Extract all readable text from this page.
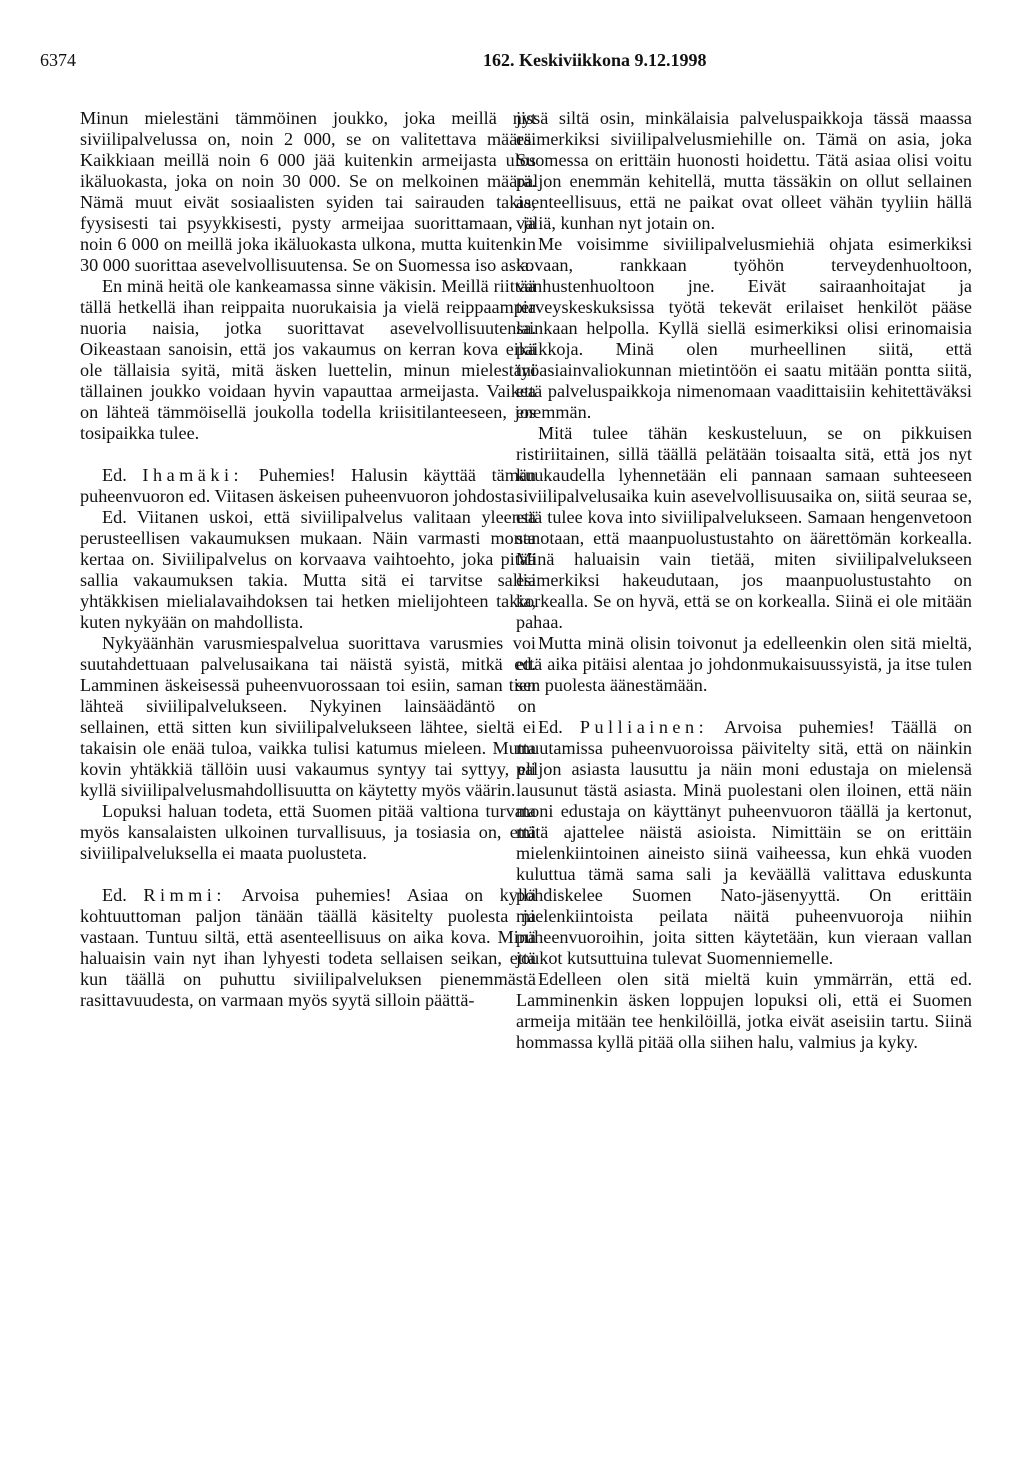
6374	162. Keskiviikkona 9.12.1998

Minun mielestäni tämmöinen joukko, joka meillä nyt siviilipalvelussa on, noin 2 000, se on valitettava määrä. Kaikkiaan meillä noin 6 000 jää kuitenkin armeijasta ulos ikäluokasta, joka on noin 30 000. Se on melkoinen määrä. Nämä muut eivät sosiaalisten syiden tai sairauden takia, fyysisesti tai psyykkisesti, pysty armeijaa suorittamaan, ja noin 6 000 on meillä joka ikäluokasta ulkona, mutta kuitenkin 30 000 suorittaa asevelvollisuutensa. Se on Suomessa iso asia.

En minä heitä ole kankeamassa sinne väkisin. Meillä riittää tällä hetkellä ihan reippaita nuorukaisia ja vielä reippaampia nuoria naisia, jotka suorittavat asevelvollisuutensa. Oikeastaan sanoisin, että jos vakaumus on kerran kova eikä ole tällaisia syitä, mitä äsken luettelin, minun mielestäni tällainen joukko voidaan hyvin vapauttaa armeijasta. Vaikea on lähteä tämmöisellä joukolla todella kriisitilanteeseen, jos tosipaikka tulee.

Ed. Ihamäki: Puhemies! Halusin käyttää tämän puheenvuoron ed. Viitasen äskeisen puheenvuoron johdosta.

Ed. Viitanen uskoi, että siviilipalvelus valitaan yleensä perusteellisen vakaumuksen mukaan. Näin varmasti monta kertaa on. Siviilipalvelus on korvaava vaihtoehto, joka pitää sallia vakaumuksen takia. Mutta sitä ei tarvitse sallia yhtäkkisen mielialavaihdoksen tai hetken mielijohteen takia, kuten nykyään on mahdollista.

Nykyäänhän varusmiespalvelua suorittava varusmies voi suutahdettuaan palvelusaikana tai näistä syistä, mitkä ed. Lamminen äskeisessä puheenvuorossaan toi esiin, saman tien lähteä siviilipalvelukseen. Nykyinen lainsäädäntö on sellainen, että sitten kun siviilipalvelukseen lähtee, sieltä ei takaisin ole enää tuloa, vaikka tulisi katumus mieleen. Mutta kovin yhtäkkiä tällöin uusi vakaumus syntyy tai syttyy, eli kyllä siviilipalvelusmahdollisuutta on käytetty myös väärin.

Lopuksi haluan todeta, että Suomen pitää valtiona turvata myös kansalaisten ulkoinen turvallisuus, ja tosiasia on, että siviilipalveluksella ei maata puolusteta.

Ed. Rimmi: Arvoisa puhemies! Asiaa on kyllä kohtuuttoman paljon tänään täällä käsitelty puolesta ja vastaan. Tuntuu siltä, että asenteellisuus on aika kova. Minä haluaisin vain nyt ihan lyhyesti todeta sellaisen seikan, että kun täällä on puhuttu siviilipalveluksen pienemmästä rasittavuudesta, on varmaan myös syytä silloin päättä-

jissä siltä osin, minkälaisia palveluspaikkoja tässä maassa esimerkiksi siviilipalvelusmiehille on. Tämä on asia, joka Suomessa on erittäin huonosti hoidettu. Tätä asiaa olisi voitu paljon enemmän kehitellä, mutta tässäkin on ollut sellainen asenteellisuus, että ne paikat ovat olleet vähän tyyliin hällä väliä, kunhan nyt jotain on.

Me voisimme siviilipalvelusmiehiä ohjata esimerkiksi kovaan, rankkaan työhön terveydenhuoltoon, vanhustenhuoltoon jne. Eivät sairaanhoitajat ja terveyskeskuksissa työtä tekevät erilaiset henkilöt pääse lainkaan helpolla. Kyllä siellä esimerkiksi olisi erinomaisia paikkoja. Minä olen murheellinen siitä, että työasiainvaliokunnan mietintöön ei saatu mitään pontta siitä, että palveluspaikkoja nimenomaan vaadittaisiin kehitettäväksi enemmän.

Mitä tulee tähän keskusteluun, se on pikkuisen ristiriitainen, sillä täällä pelätään toisaalta sitä, että jos nyt kuukaudella lyhennetään eli pannaan samaan suhteeseen siviilipalvelusaika kuin asevelvollisuusaika on, siitä seuraa se, että tulee kova into siviilipalvelukseen. Samaan hengenvetoon sanotaan, että maanpuolustustahto on äärettömän korkealla. Minä haluaisin vain tietää, miten siviilipalvelukseen esimerkiksi hakeudutaan, jos maanpuolustustahto on korkealla. Se on hyvä, että se on korkealla. Siinä ei ole mitään pahaa.

Mutta minä olisin toivonut ja edelleenkin olen sitä mieltä, että aika pitäisi alentaa jo johdonmukaisuussyistä, ja itse tulen sen puolesta äänestämään.

Ed. Pulliainen: Arvoisa puhemies! Täällä on muutamissa puheenvuoroissa päivitelty sitä, että on näinkin paljon asiasta lausuttu ja näin moni edustaja on mielensä lausunut tästä asiasta. Minä puolestani olen iloinen, että näin moni edustaja on käyttänyt puheenvuoron täällä ja kertonut, mitä ajattelee näistä asioista. Nimittäin se on erittäin mielenkiintoinen aineisto siinä vaiheessa, kun ehkä vuoden kuluttua tämä sama sali ja keväällä valittava eduskunta pohdiskelee Suomen Nato-jäsenyyttä. On erittäin mielenkiintoista peilata näitä puheenvuoroja niihin puheenvuoroihin, joita sitten käytetään, kun vieraan vallan joukot kutsuttuina tulevat Suomenniemelle.

Edelleen olen sitä mieltä kuin ymmärrän, että ed. Lamminenkin äsken loppujen lopuksi oli, että ei Suomen armeija mitään tee henkilöillä, jotka eivät aseisiin tartu. Siinä hommassa kyllä pitää olla siihen halu, valmius ja kyky.
